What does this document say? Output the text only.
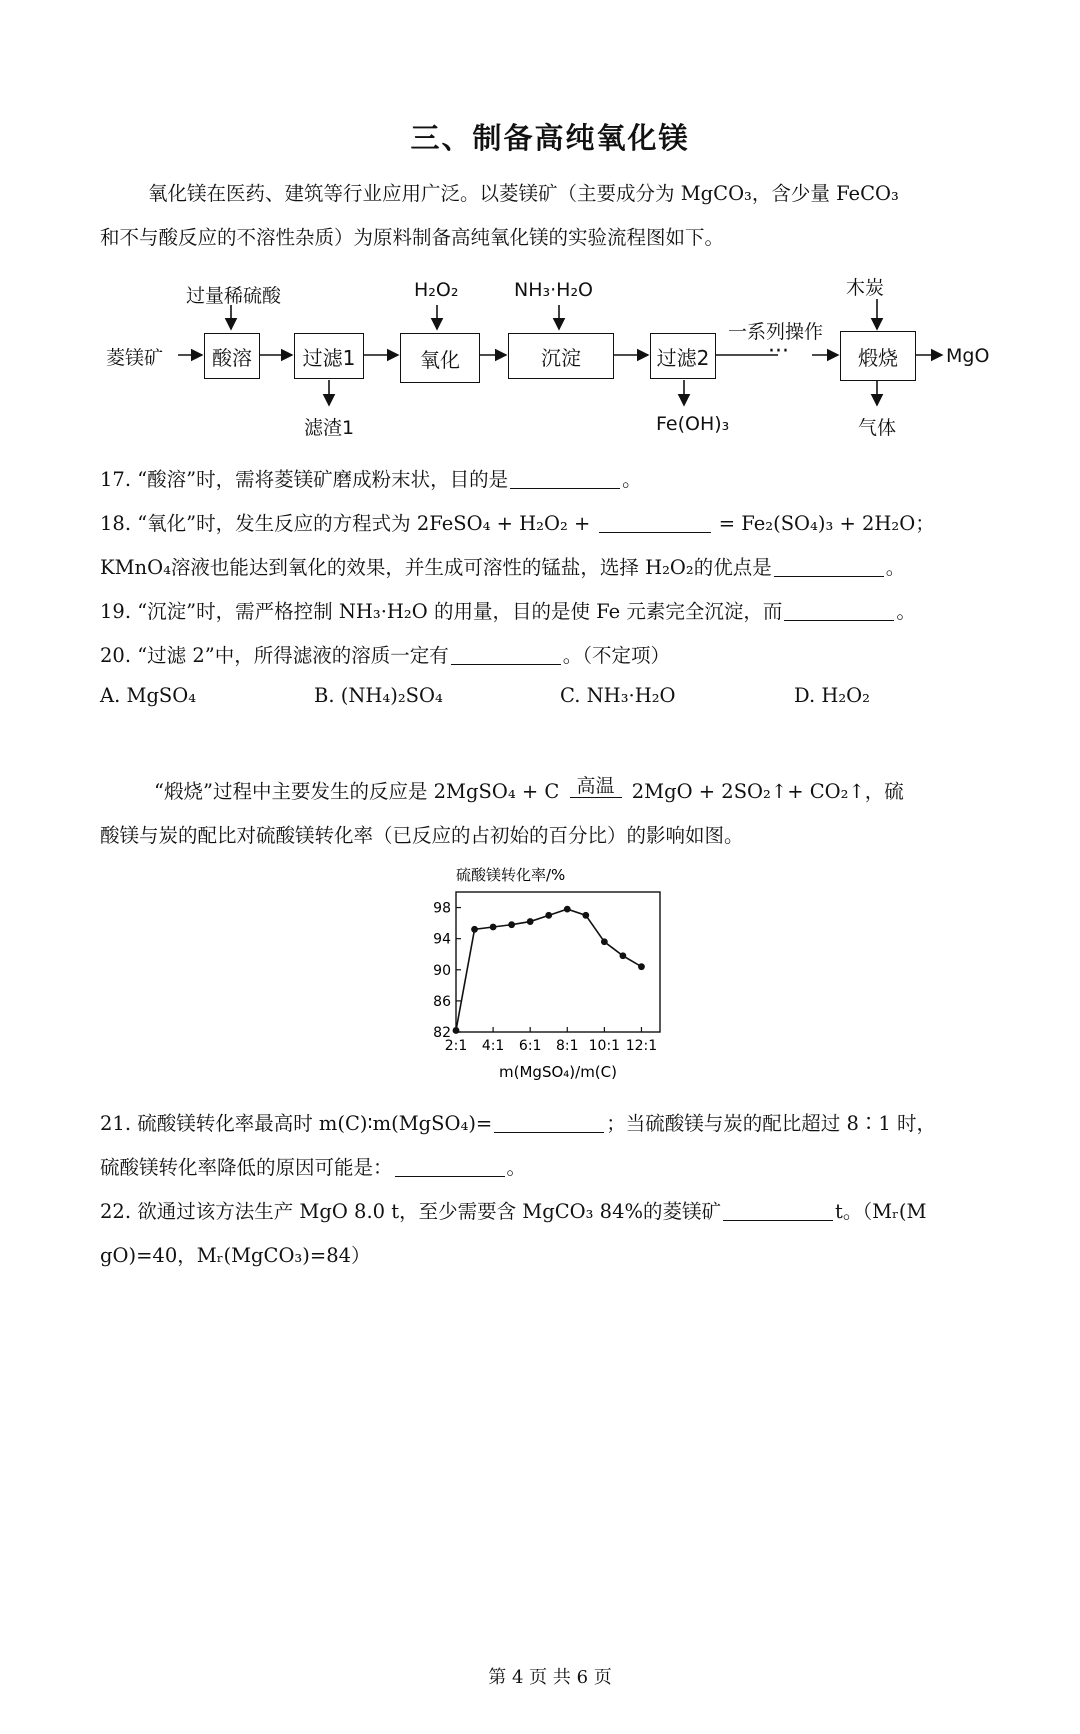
三、制备高纯氧化镁
氧化镁在医药、建筑等行业应用广泛。以菱镁矿（主要成分为 MgCO₃，含少量 FeCO₃
和不与酸反应的不溶性杂质）为原料制备高纯氧化镁的实验流程图如下。
菱镁矿	酸溶	过滤1	氧化	沉淀	过滤2	煅烧
过量稀硫酸	H₂O₂	NH₃·H₂O	木炭
一系列操作
···
滤渣1	Fe(OH)₃	气体
MgO
17. “酸溶”时，需将菱镁矿磨成粉末状，目的是	。
18. “氧化”时，发生反应的方程式为 2FeSO₄ + H₂O₂ +	= Fe₂(SO₄)₃ + 2H₂O；
KMnO₄溶液也能达到氧化的效果，并生成可溶性的锰盐，选择 H₂O₂的优点是	。
19. “沉淀”时，需严格控制 NH₃·H₂O 的用量，目的是使 Fe 元素完全沉淀，而	。
20. “过滤 2”中，所得滤液的溶质一定有	。（不定项）
A. MgSO₄	B. (NH₄)₂SO₄	C. NH₃·H₂O	D. H₂O₂
“煅烧”过程中主要发生的反应是 2MgSO₄ + C 高温 2MgO + 2SO₂↑+ CO₂↑，硫
酸镁与炭的配比对硫酸镁转化率（已反应的占初始的百分比）的影响如图。
硫酸镁转化率/%
82
86
90
94
98
2:1 4:1 6:1 8:1 10:1 12:1
m(MgSO₄)/m(C)
21. 硫酸镁转化率最高时 m(C)∶m(MgSO₄)=	；当硫酸镁与炭的配比超过 8∶1 时，
硫酸镁转化率降低的原因可能是：	。
22. 欲通过该方法生产 MgO 8.0 t，至少需要含 MgCO₃ 84%的菱镁矿	t。（Mᵣ(M
gO)=40，Mᵣ(MgCO₃)=84）
第 4 页 共 6 页
